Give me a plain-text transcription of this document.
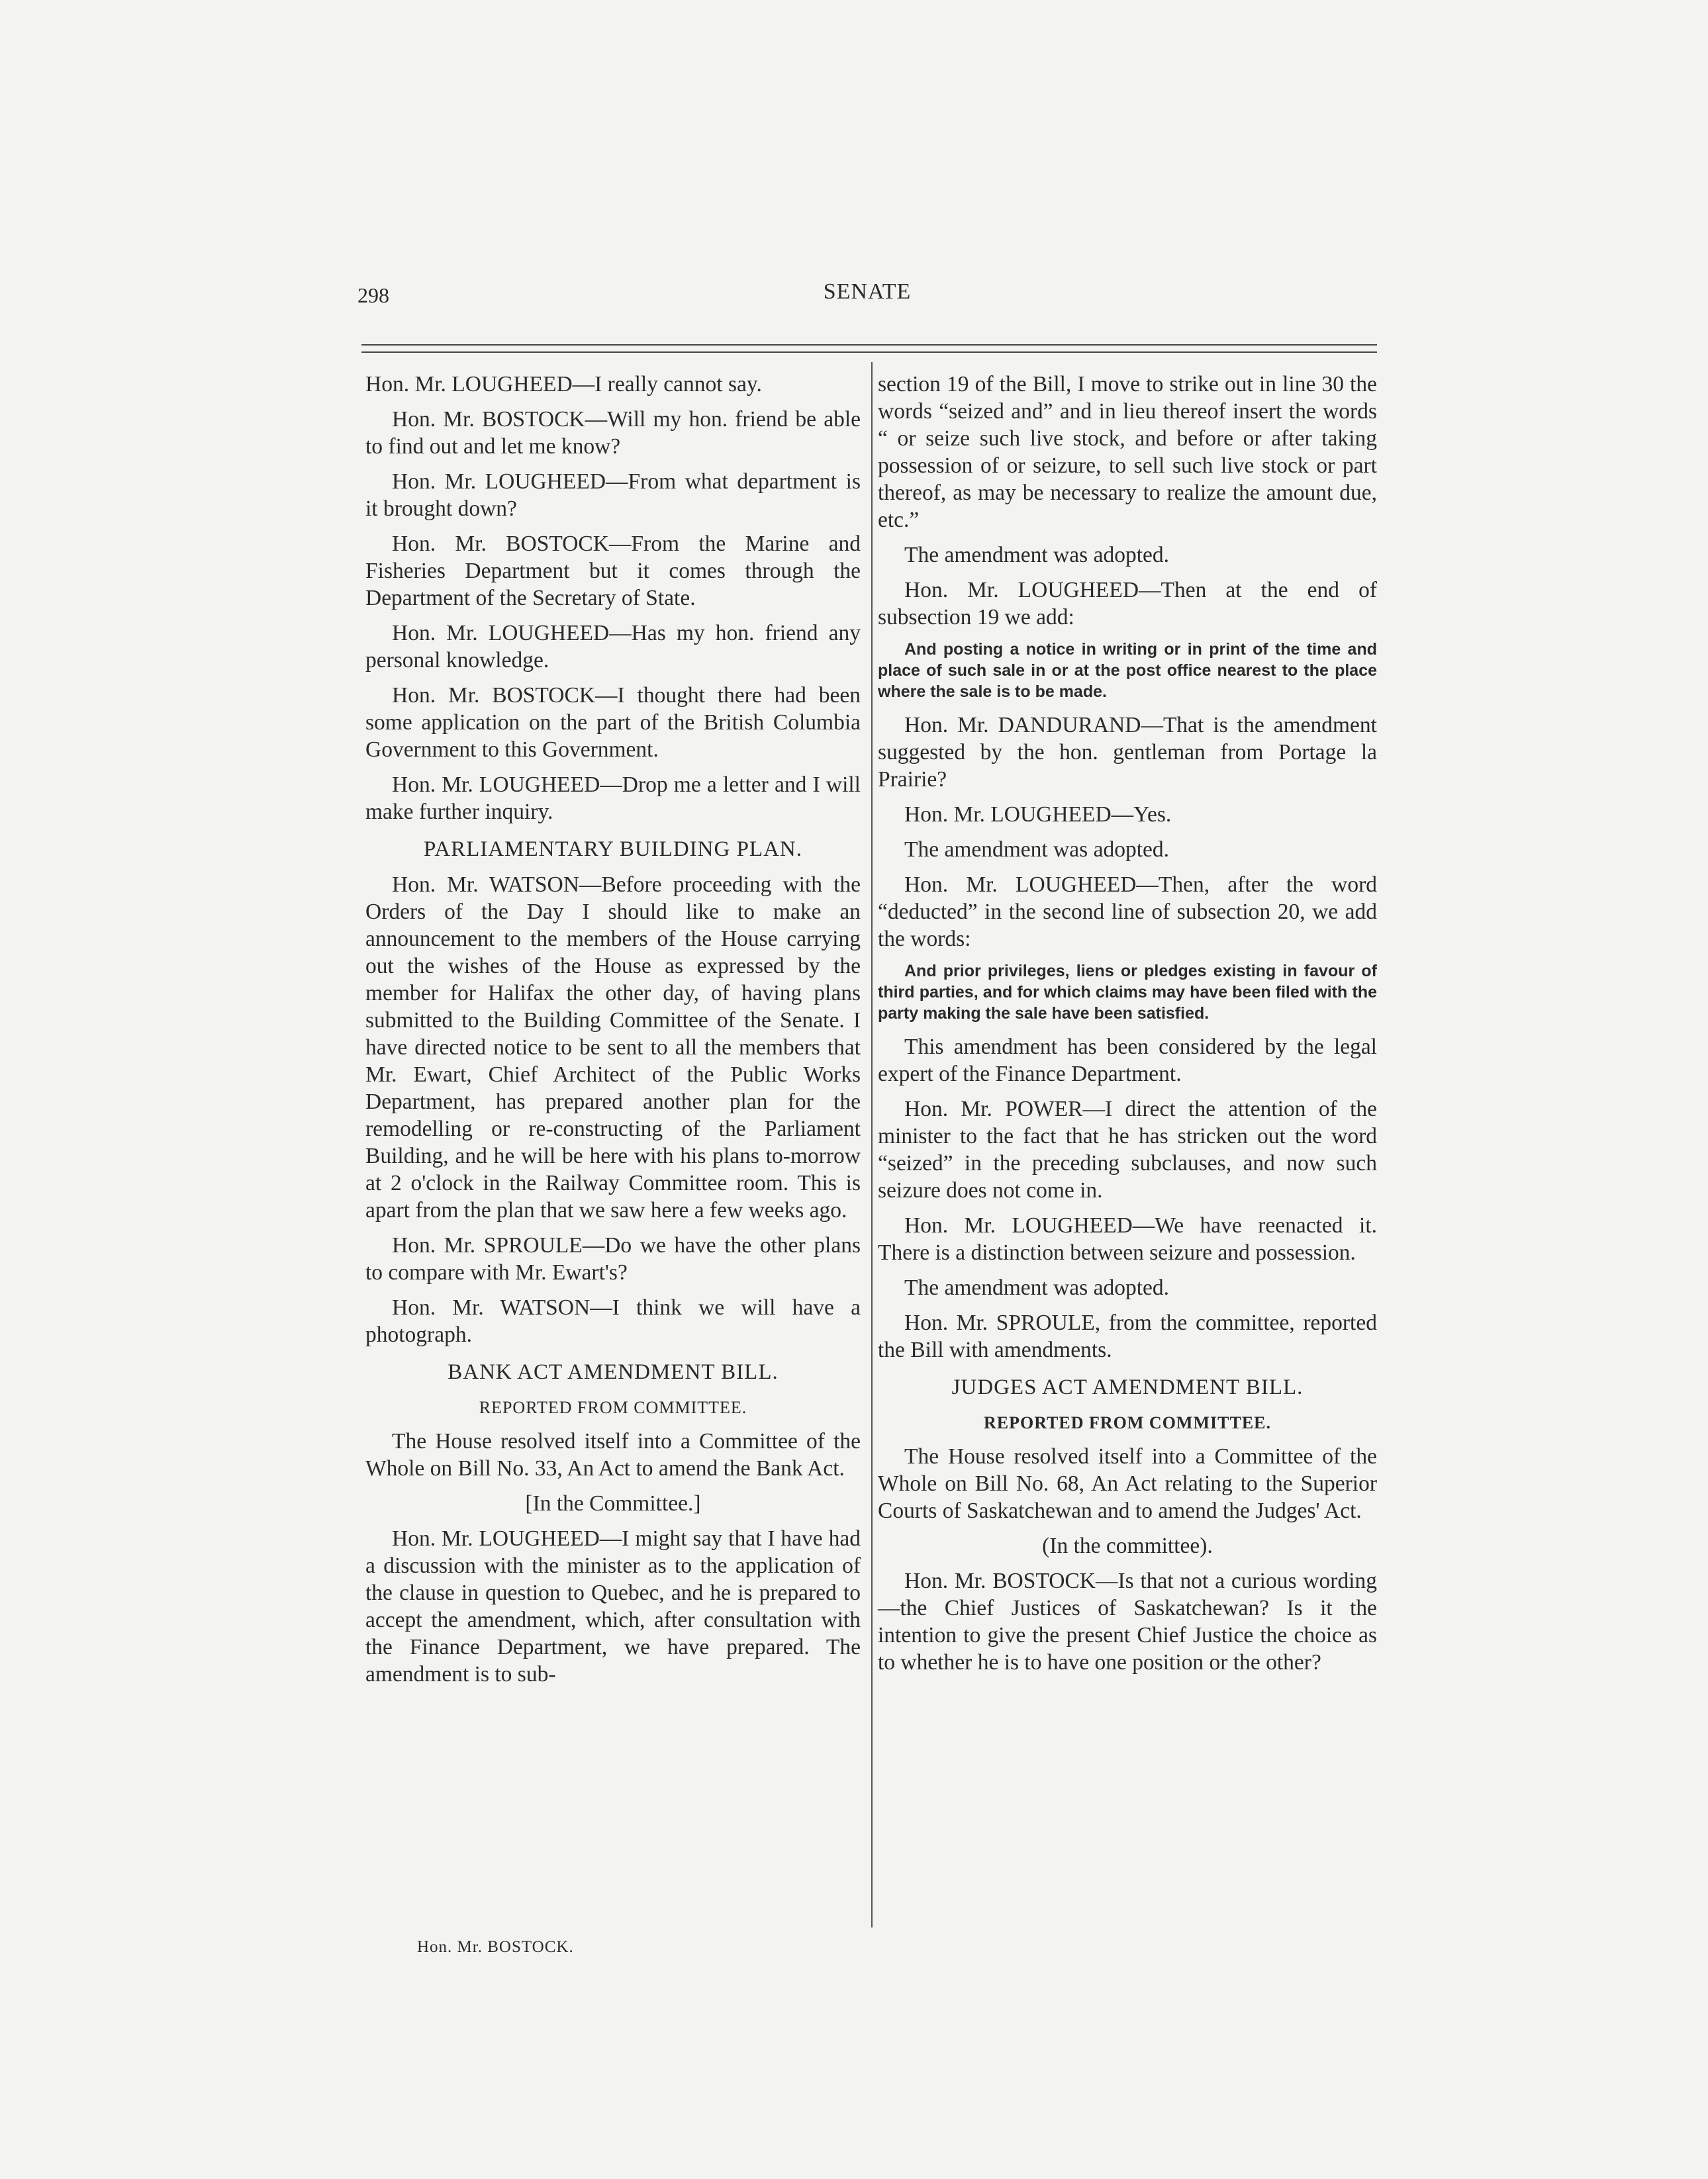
298	SENATE

Hon. Mr. LOUGHEED—I really cannot say.

Hon. Mr. BOSTOCK—Will my hon. friend be able to find out and let me know?

Hon. Mr. LOUGHEED—From what department is it brought down?

Hon. Mr. BOSTOCK—From the Marine and Fisheries Department but it comes through the Department of the Secretary of State.

Hon. Mr. LOUGHEED—Has my hon. friend any personal knowledge.

Hon. Mr. BOSTOCK—I thought there had been some application on the part of the British Columbia Government to this Government.

Hon. Mr. LOUGHEED—Drop me a letter and I will make further inquiry.

PARLIAMENTARY BUILDING PLAN.

Hon. Mr. WATSON—Before proceeding with the Orders of the Day I should like to make an announcement to the members of the House carrying out the wishes of the House as expressed by the member for Halifax the other day, of having plans submitted to the Building Committee of the Senate. I have directed notice to be sent to all the members that Mr. Ewart, Chief Architect of the Public Works Department, has prepared another plan for the remodelling or re-constructing of the Parliament Building, and he will be here with his plans to-morrow at 2 o'clock in the Railway Committee room. This is apart from the plan that we saw here a few weeks ago.

Hon. Mr. SPROULE—Do we have the other plans to compare with Mr. Ewart's?

Hon. Mr. WATSON—I think we will have a photograph.

BANK ACT AMENDMENT BILL.

REPORTED FROM COMMITTEE.

The House resolved itself into a Committee of the Whole on Bill No. 33, An Act to amend the Bank Act.

[In the Committee.]

Hon. Mr. LOUGHEED—I might say that I have had a discussion with the minister as to the application of the clause in question to Quebec, and he is prepared to accept the amendment, which, after consultation with the Finance Department, we have prepared. The amendment is to sub-

section 19 of the Bill, I move to strike out in line 30 the words “seized and” and in lieu thereof insert the words “ or seize such live stock, and before or after taking possession of or seizure, to sell such live stock or part thereof, as may be necessary to realize the amount due, etc.”

The amendment was adopted.

Hon. Mr. LOUGHEED—Then at the end of subsection 19 we add:

And posting a notice in writing or in print of the time and place of such sale in or at the post office nearest to the place where the sale is to be made.

Hon. Mr. DANDURAND—That is the amendment suggested by the hon. gentleman from Portage la Prairie?

Hon. Mr. LOUGHEED—Yes.

The amendment was adopted.

Hon. Mr. LOUGHEED—Then, after the word “deducted” in the second line of subsection 20, we add the words:

And prior privileges, liens or pledges existing in favour of third parties, and for which claims may have been filed with the party making the sale have been satisfied.

This amendment has been considered by the legal expert of the Finance Department.

Hon. Mr. POWER—I direct the attention of the minister to the fact that he has stricken out the word “seized” in the preceding subclauses, and now such seizure does not come in.

Hon. Mr. LOUGHEED—We have reenacted it. There is a distinction between seizure and possession.

The amendment was adopted.

Hon. Mr. SPROULE, from the committee, reported the Bill with amendments.

JUDGES ACT AMENDMENT BILL.

REPORTED FROM COMMITTEE.

The House resolved itself into a Committee of the Whole on Bill No. 68, An Act relating to the Superior Courts of Saskatchewan and to amend the Judges' Act.

(In the committee).

Hon. Mr. BOSTOCK—Is that not a curious wording—the Chief Justices of Saskatchewan? Is it the intention to give the present Chief Justice the choice as to whether he is to have one position or the other?

Hon. Mr. BOSTOCK.
